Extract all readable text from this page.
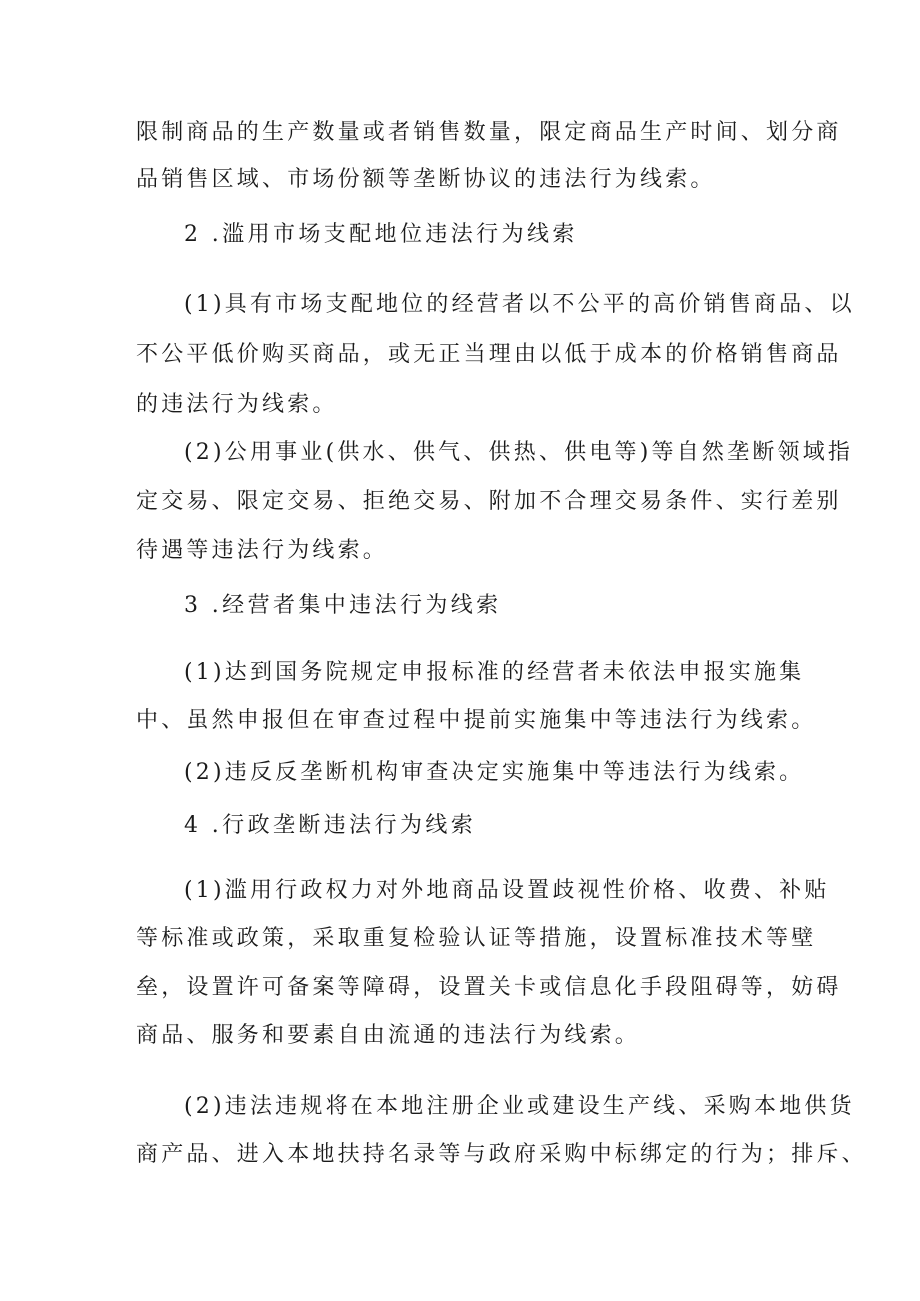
限制商品的生产数量或者销售数量，限定商品生产时间、划分商
品销售区域、市场份额等垄断协议的违法行为线索。
2 .滥用市场支配地位违法行为线索
(1)具有市场支配地位的经营者以不公平的高价销售商品、以
不公平低价购买商品，或无正当理由以低于成本的价格销售商品
的违法行为线索。
(2)公用事业(供水、供气、供热、供电等)等自然垄断领域指
定交易、限定交易、拒绝交易、附加不合理交易条件、实行差别
待遇等违法行为线索。
3 .经营者集中违法行为线索
(1)达到国务院规定申报标准的经营者未依法申报实施集
中、虽然申报但在审查过程中提前实施集中等违法行为线索。
(2)违反反垄断机构审查决定实施集中等违法行为线索。
4 .行政垄断违法行为线索
(1)滥用行政权力对外地商品设置歧视性价格、收费、补贴
等标准或政策，采取重复检验认证等措施，设置标准技术等壁
垒，设置许可备案等障碍，设置关卡或信息化手段阻碍等，妨碍
商品、服务和要素自由流通的违法行为线索。
(2)违法违规将在本地注册企业或建设生产线、采购本地供货
商产品、进入本地扶持名录等与政府采购中标绑定的行为；排斥、
